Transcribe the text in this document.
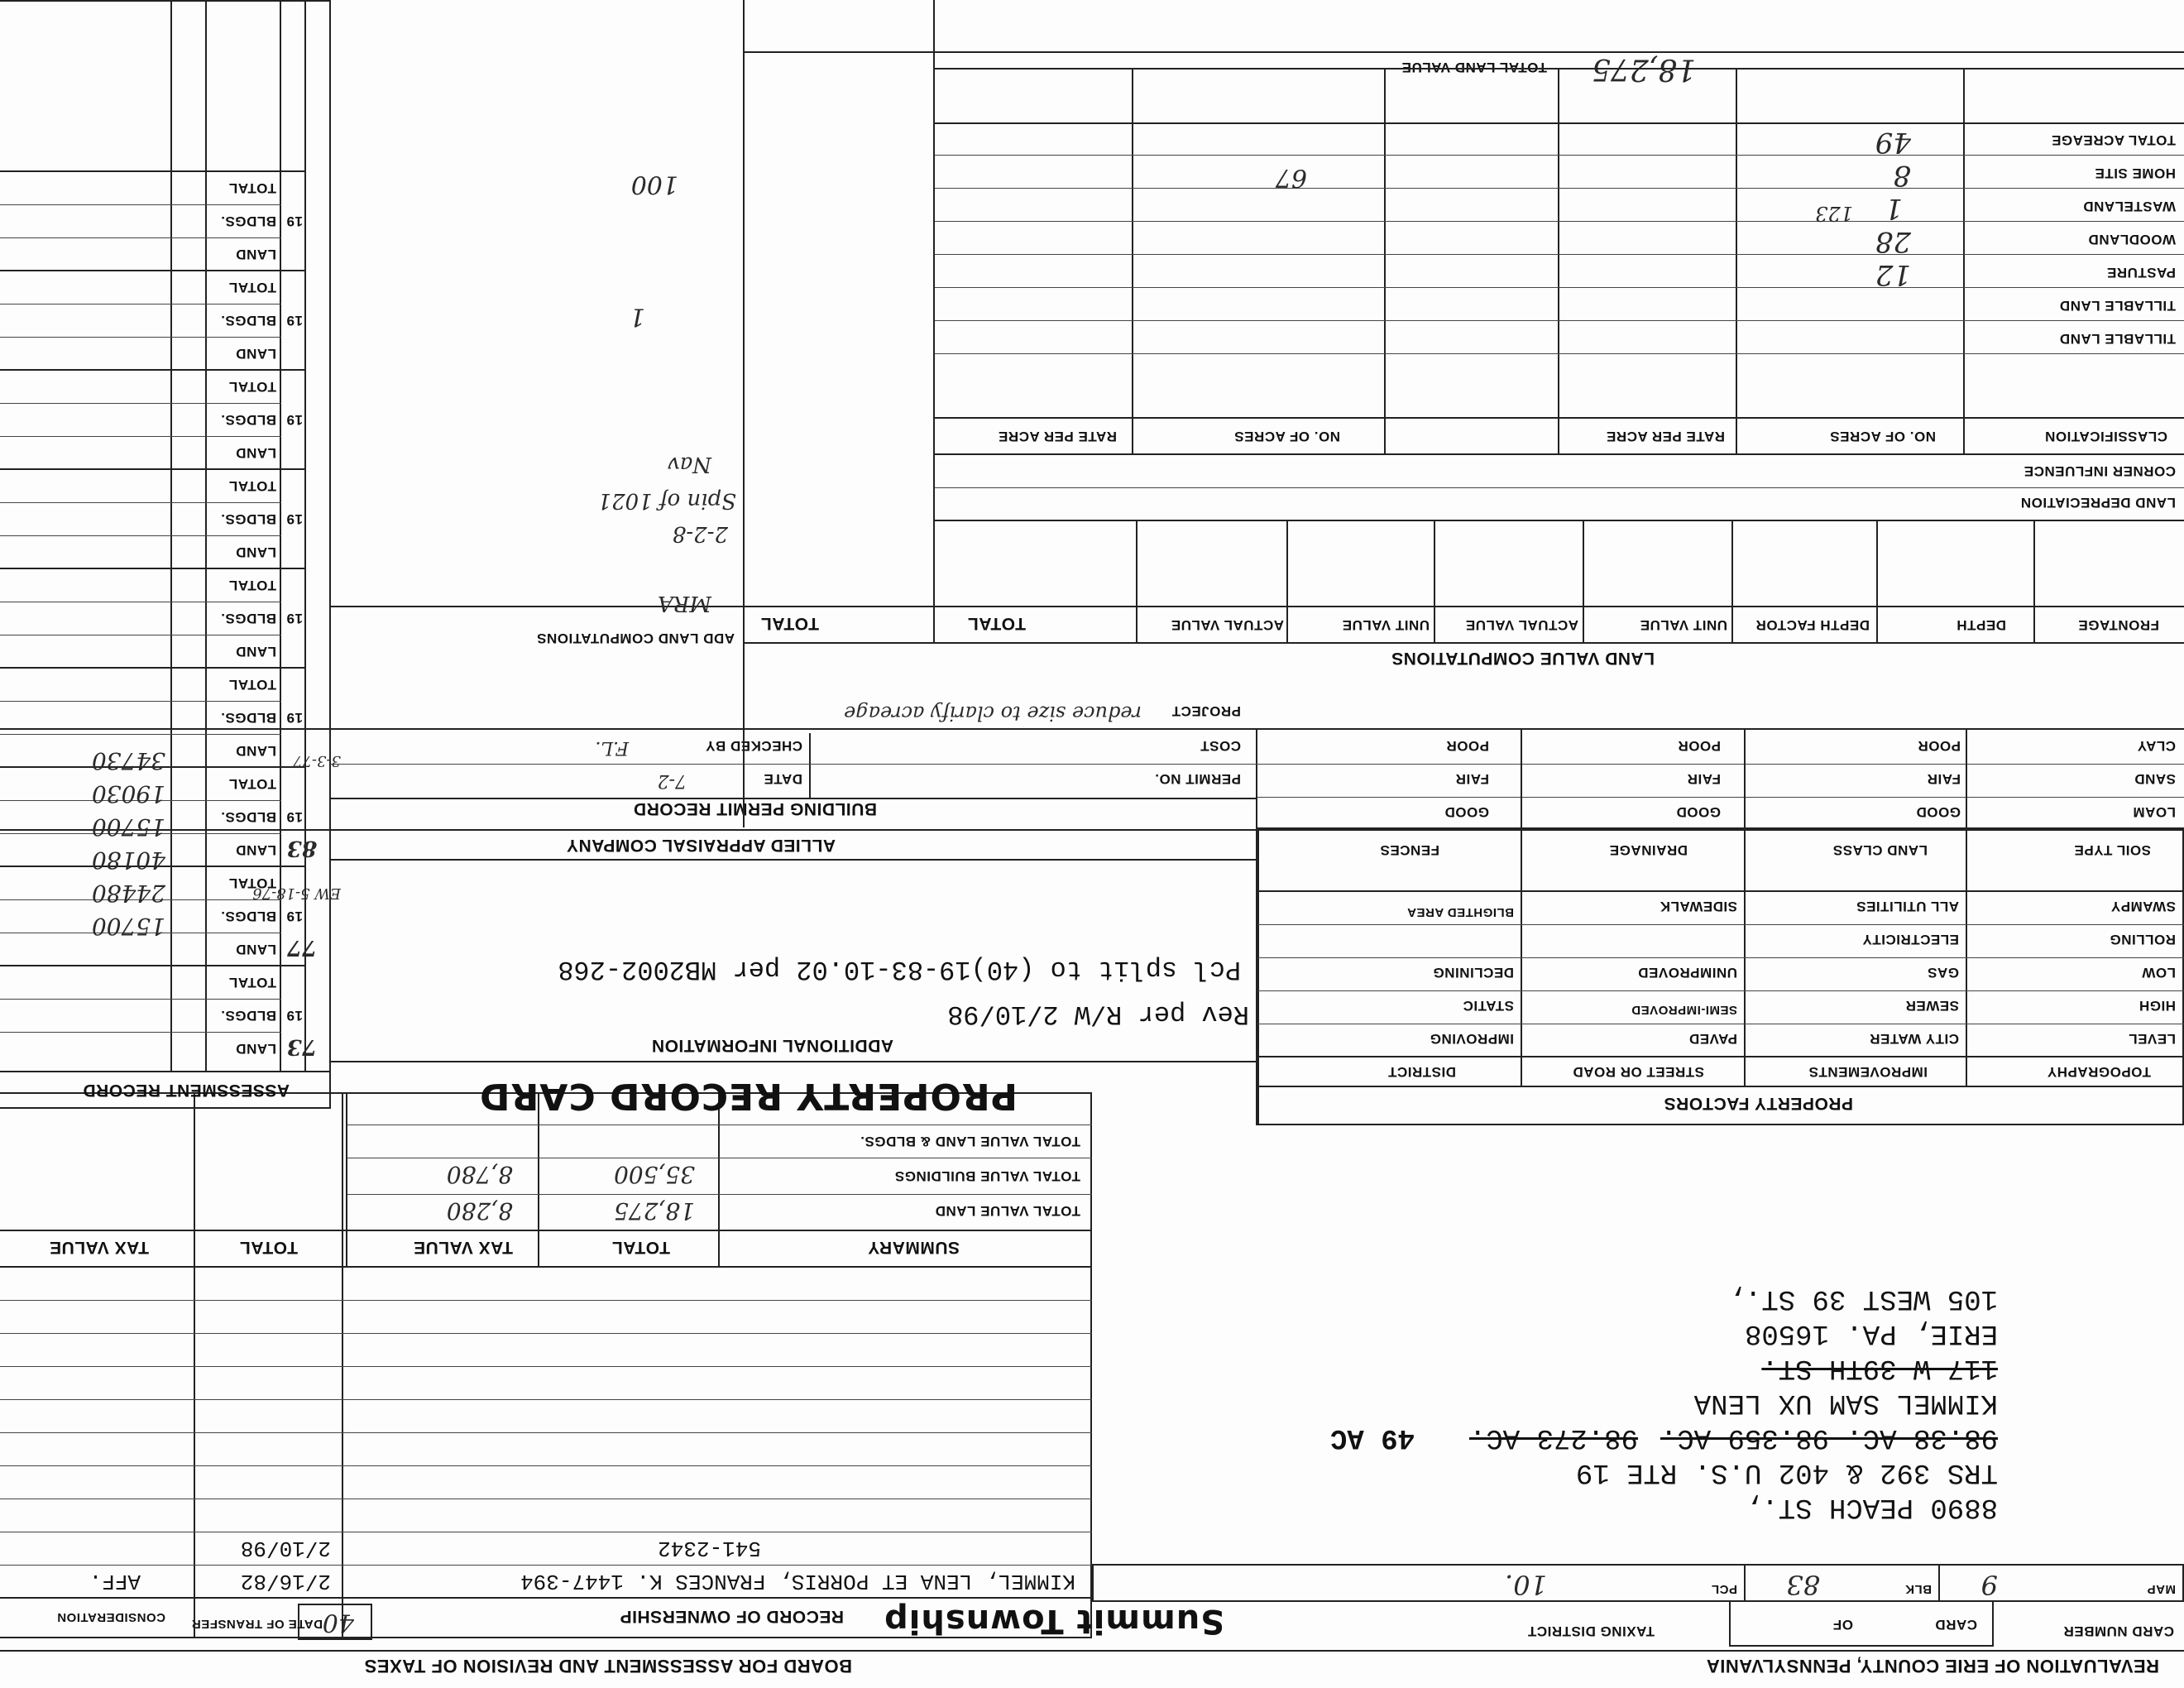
REVALUATION OF ERIE COUNTY, PENNSYLVANIA
BOARD FOR ASSESSMENT AND REVISION OF TAXES
CARD NUMBER
CARD
OF
TAXING DISTRICT
Summit Township
40
MAP
9
BLK
83
PCL
10.
8890 PEACH ST.,
TRS 392 & 402 U.S. RTE 19
98.38 AC. 98.359 AC.
98.273 AC.
49 AC
KIMMEL SAM UX LENA
117 W 39TH ST.
ERIE, PA. 16508
105 WEST 39 ST.,
RECORD OF OWNERSHIP
DATE OF TRANSFER
CONSIDERATION
KIMMEL, LENA ET PORRIS, FRANCES K. 1447-394
2/16/82
AFF.
541-2342
2/10/98
SUMMARY
TOTAL
TAX VALUE
TOTAL
TAX VALUE
TOTAL VALUE LAND
TOTAL VALUE BUILDINGS
TOTAL VALUE LAND & BLDGS.
18,275
8,280
35,500
8,780
PROPERTY FACTORS
TOPOGRAPHY
IMPROVEMENTS
STREET OR ROAD
DISTRICT
LEVEL
HIGH
LOW
ROLLING
SWAMPY
CITY WATER
SEWER
GAS
ELECTRICITY
ALL UTILITIES
PAVED
SEMI-IMPROVED
UNIMPROVED
SIDEWALK
IMPROVING
STATIC
DECLINING
BLIGHTED AREA
SOIL TYPE
LAND CLASS
DRAINAGE
FENCES
LOAM
SAND
CLAY
GOOD
FAIR
POOR
GOOD
FAIR
POOR
GOOD
FAIR
POOR
PROPERTY RECORD CARD
ADDITIONAL INFORMATION
Rev per R/W 2/10/98
Pcl split to (40)19-83-10.02 per MB2002-268
ALLIED APPRAISAL COMPANY
BUILDING PERMIT RECORD
PERMIT NO.
DATE
7-2
COST
CHECKED BY
F.L.
PROJECT
reduce size to clarify acreage
LAND VALUE COMPUTATIONS
FRONTAGE
DEPTH
DEPTH FACTOR
UNIT VALUE
ACTUAL VALUE
UNIT VALUE
ACTUAL VALUE
TOTAL
TOTAL
ADD LAND COMPUTATIONS
MRA
2-2-8
Spin of 1021
Nav
LAND DEPRECIATION
CORNER INFLUENCE
CLASSIFICATION
NO. OF ACRES
RATE PER ACRE
NO. OF ACRES
RATE PER ACRE
TILLABLE LAND
TILLABLE LAND
PASTURE
WOODLAND
WASTELAND
HOME SITE
TOTAL ACREAGE
49
8
1
123
28
12
67
100
1
TOTAL LAND VALUE 18,275
ASSESSMENT RECORD
19
LAND
BLDGS.
TOTAL
19
LAND
BLDGS.
TOTAL
19
LAND
BLDGS.
TOTAL
19
LAND
BLDGS.
TOTAL
19
LAND
BLDGS.
TOTAL
19
LAND
BLDGS.
TOTAL
19
LAND
BLDGS.
TOTAL
19
LAND
BLDGS.
TOTAL
19
LAND
BLDGS.
TOTAL
73
77
83
15700
24480
40180
15700
19030
34730
EW 5-18-76
3-3-77
